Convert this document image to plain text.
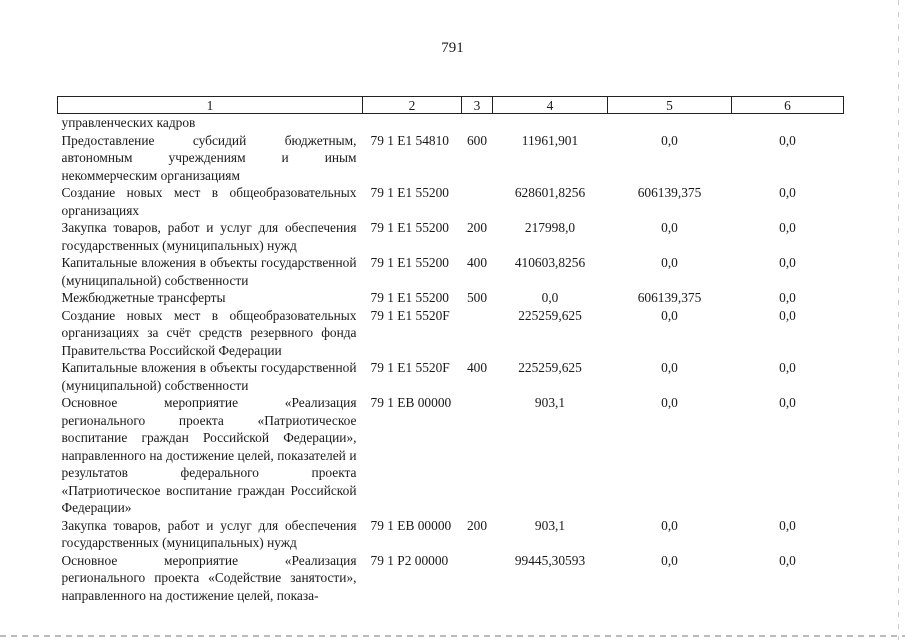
791
1	2	3	4	5	6
управленческих кадров					
Предоставление субсидий бюджетным, автономным учреждениям и иным некоммерческим организациям	79 1 E1 54810	600	11961,901	0,0	0,0
Создание новых мест в общеобразовательных организациях	79 1 E1 55200		628601,8256	606139,375	0,0
Закупка товаров, работ и услуг для обеспечения государственных (муниципальных) нужд	79 1 E1 55200	200	217998,0	0,0	0,0
Капитальные вложения в объекты государственной (муниципальной) собственности	79 1 E1 55200	400	410603,8256	0,0	0,0
Межбюджетные трансферты	79 1 E1 55200	500	0,0	606139,375	0,0
Создание новых мест в общеобразовательных организациях за счёт средств резервного фонда Правительства Российской Федерации	79 1 E1 5520F		225259,625	0,0	0,0
Капитальные вложения в объекты государственной (муниципальной) собственности	79 1 E1 5520F	400	225259,625	0,0	0,0
Основное мероприятие «Реализация регионального проекта «Патриотическое воспитание граждан Российской Федерации», направленного на достижение целей, показателей и результатов федерального проекта «Патриотическое воспитание граждан Российской Федерации»	79 1 EB 00000		903,1	0,0	0,0
Закупка товаров, работ и услуг для обеспечения государственных (муниципальных) нужд	79 1 EB 00000	200	903,1	0,0	0,0
Основное мероприятие «Реализация регионального проекта «Содействие занятости», направленного на достижение целей, показа-	79 1 P2 00000		99445,30593	0,0	0,0
